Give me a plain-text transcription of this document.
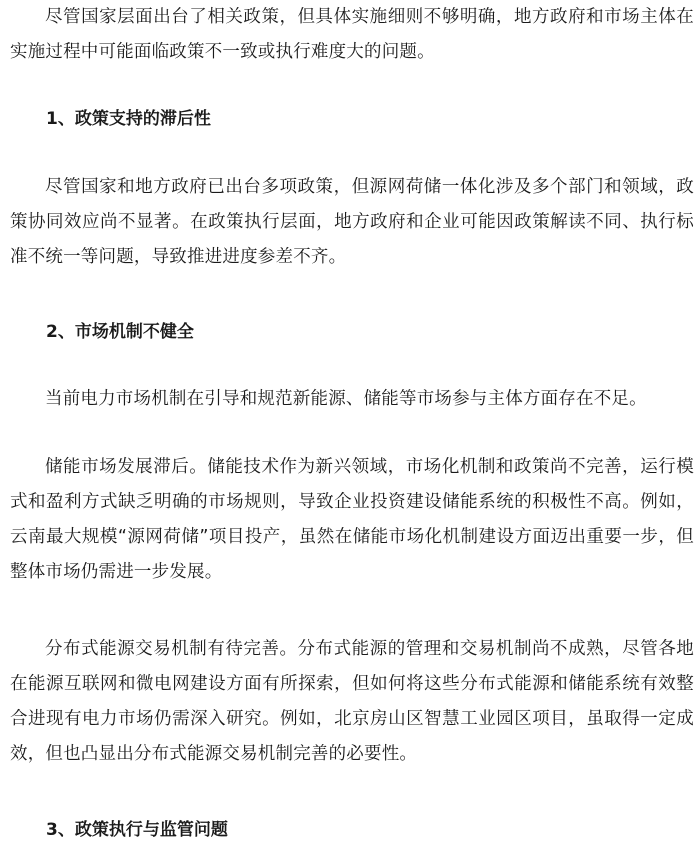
尽管国家层面出台了相关政策，但具体实施细则不够明确，地方政府和市场主体在实施过程中可能面临政策不一致或执行难度大的问题。

1、政策支持的滞后性

尽管国家和地方政府已出台多项政策，但源网荷储一体化涉及多个部门和领域，政策协同效应尚不显著。在政策执行层面，地方政府和企业可能因政策解读不同、执行标准不统一等问题，导致推进进度参差不齐。

2、市场机制不健全

当前电力市场机制在引导和规范新能源、储能等市场参与主体方面存在不足。

储能市场发展滞后。储能技术作为新兴领域，市场化机制和政策尚不完善，运行模式和盈利方式缺乏明确的市场规则，导致企业投资建设储能系统的积极性不高。例如，云南最大规模“源网荷储”项目投产，虽然在储能市场化机制建设方面迈出重要一步，但整体市场仍需进一步发展。

分布式能源交易机制有待完善。分布式能源的管理和交易机制尚不成熟，尽管各地在能源互联网和微电网建设方面有所探索，但如何将这些分布式能源和储能系统有效整合进现有电力市场仍需深入研究。例如，北京房山区智慧工业园区项目，虽取得一定成效，但也凸显出分布式能源交易机制完善的必要性。

3、政策执行与监管问题
